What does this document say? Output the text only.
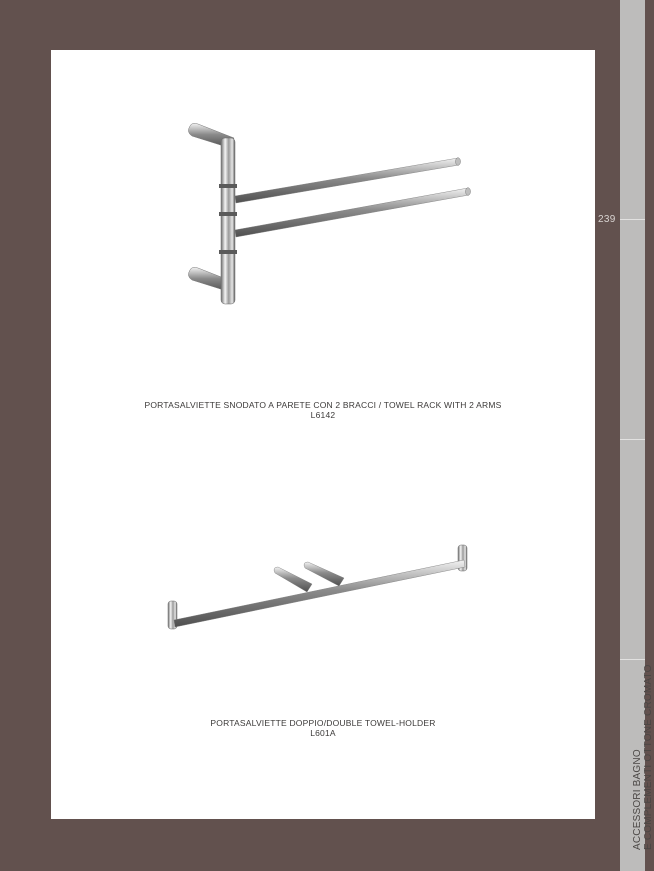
239
ACCESSORI BAGNO E COMPLEMENTI OTTONE CROMATO
PORTASALVIETTE SNODATO A PARETE CON 2 BRACCI / TOWEL RACK WITH 2 ARMS
L6142
PORTASALVIETTE DOPPIO/DOUBLE TOWEL-HOLDER
L601A
